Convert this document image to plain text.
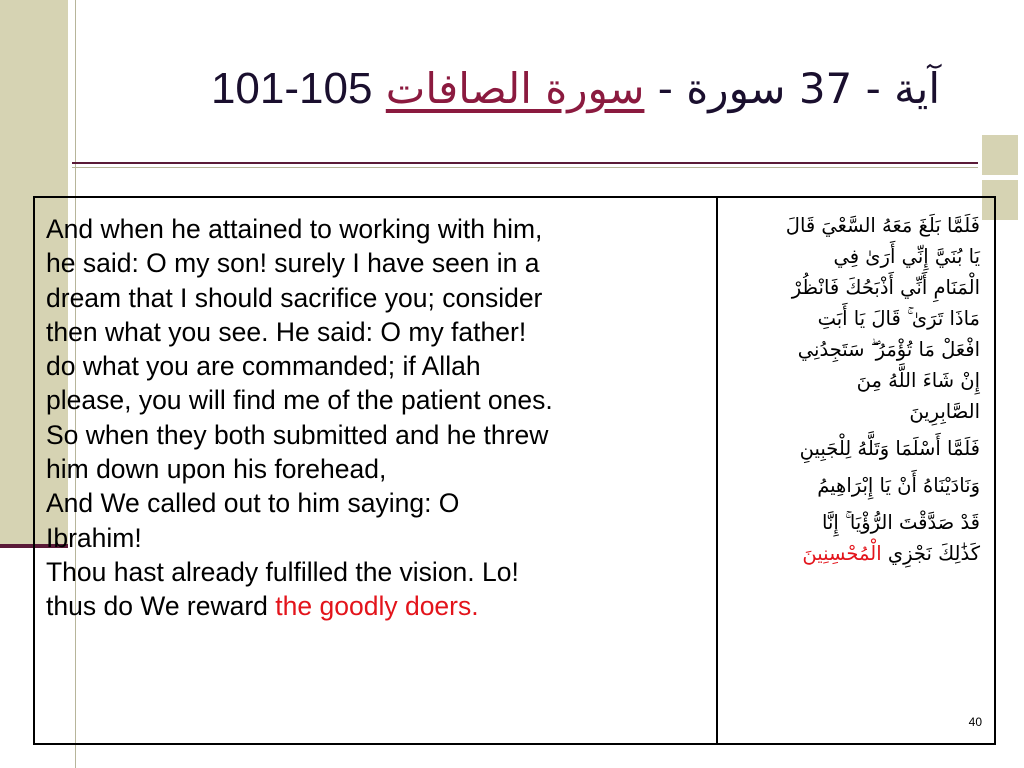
101-105 آية - 37 سورة - سورة الصافات

And when he attained to working with him,

he said: O my son! surely I have seen in a

dream that I should sacrifice you; consider

then what you see. He said: O my father!

do what you are commanded; if Allah

please, you will find me of the patient ones.

So when they both submitted and he threw

him down upon his forehead,

And We called out to him saying: O

Ibrahim!

Thou hast already fulfilled the vision. Lo!

thus do We reward the goodly doers.

فَلَمَّا بَلَغَ مَعَهُ السَّعْيَ قَالَ

يَا بُنَيَّ إِنِّي أَرَىٰ فِي

الْمَنَامِ أَنِّي أَذْبَحُكَ فَانْظُرْ

مَاذَا تَرَىٰ ۚ قَالَ يَا أَبَتِ

افْعَلْ مَا تُؤْمَرُ ۖ سَتَجِدُنِي

إِنْ شَاءَ اللَّهُ مِنَ

الصَّابِرِينَ

فَلَمَّا أَسْلَمَا وَتَلَّهُ لِلْجَبِينِ

وَنَادَيْنَاهُ أَنْ يَا إِبْرَاهِيمُ

قَدْ صَدَّقْتَ الرُّؤْيَا ۚ إِنَّا

كَذَٰلِكَ نَجْزِي الْمُحْسِنِينَ

40
